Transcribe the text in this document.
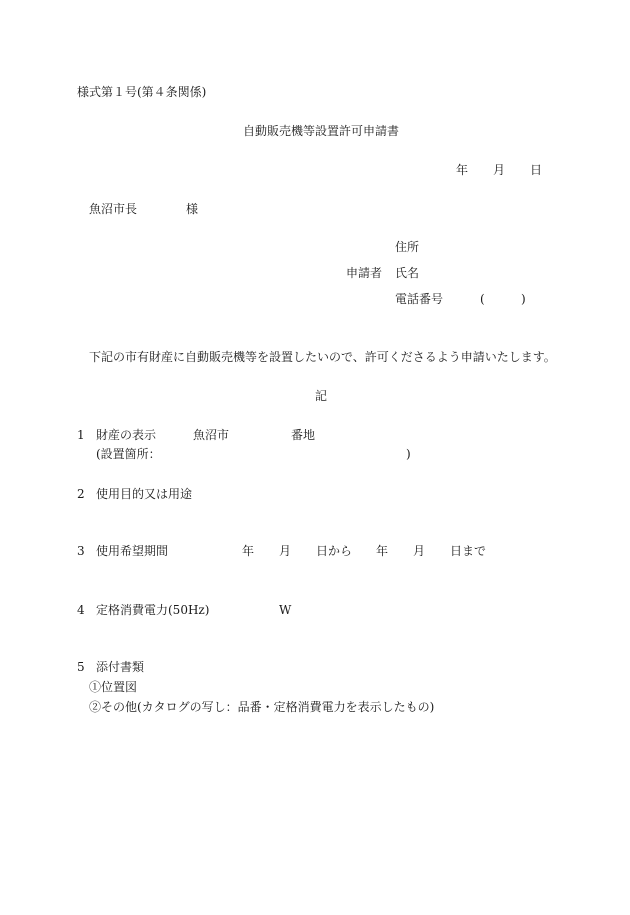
様式第１号(第４条関係)
自動販売機等設置許可申請書
年 月 日
魚沼市長	様
住所
申請者 氏名
電話番号	(	)
下記の市有財産に自動販売機等を設置したいので、許可くださるよう申請いたします。
記
1 財産の表示	魚沼市	番地
(設置箇所：	)
2 使用目的又は用途
3 使用希望期間	年 月 日から 年 月 日まで
4 定格消費電力(50Hz)	W
5 添付書類
①位置図
②その他(カタログの写し：品番・定格消費電力を表示したもの)
